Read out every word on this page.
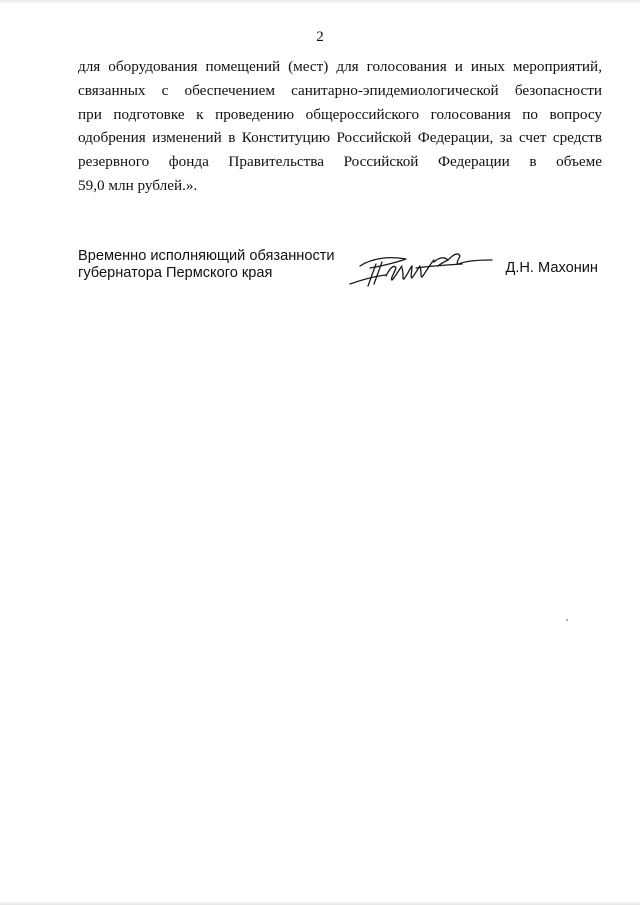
2

для оборудования помещений (мест) для голосования и иных мероприятий,
связанных с обеспечением санитарно-эпидемиологической безопасности
при подготовке к проведению общероссийского голосования по вопросу
одобрения изменений в Конституцию Российской Федерации, за счет средств
резервного фонда Правительства Российской Федерации в объеме
59,0 млн рублей.».

Временно исполняющий обязанности
губернатора Пермского края	Д.Н. Махонин
